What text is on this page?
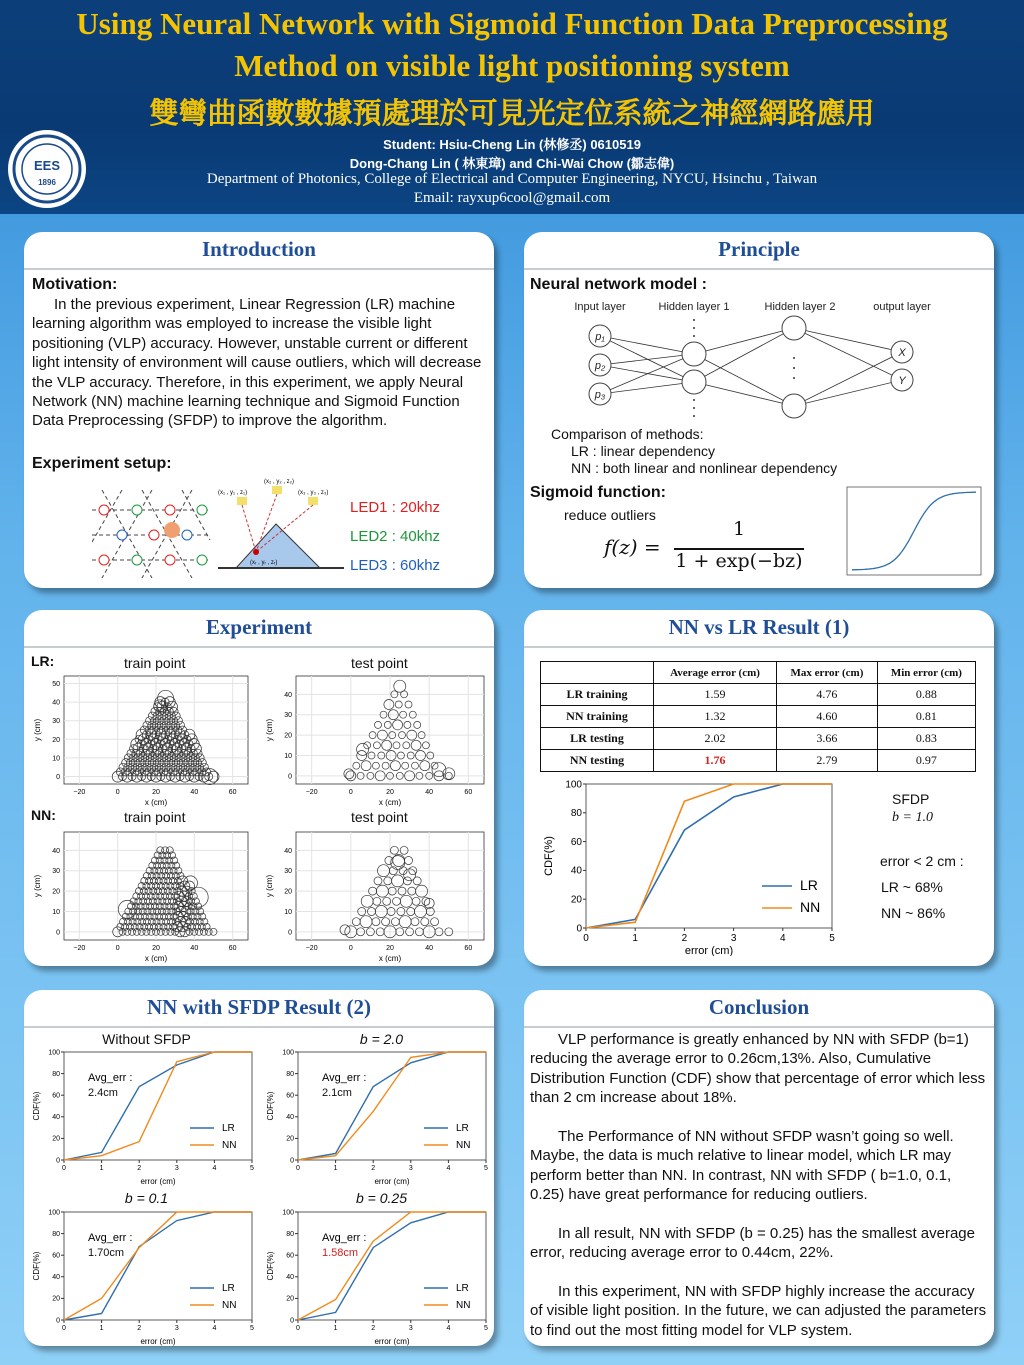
Using Neural Network with Sigmoid Function Data Preprocessing
Method on visible light positioning system
雙彎曲函數數據預處理於可見光定位系統之神經網路應用
Student: Hsiu-Cheng Lin (林修丞) 0610519
Dong-Chang Lin ( 林東璋) and Chi-Wai Chow (鄒志偉)
Department of Photonics, College of Electrical and Computer Engineering, NYCU, Hsinchu , Taiwan
Email: rayxup6cool@gmail.com
EES
1896
Introduction
Motivation:
In the previous experiment, Linear Regression (LR) machine learning algorithm was employed to increase the visible light positioning (VLP) accuracy. However, unstable current or different light intensity of environment will cause outliers, which will decrease the VLP accuracy. Therefore, in this experiment, we apply Neural Network (NN) machine learning technique and Sigmoid Function Data Preprocessing (SFDP) to improve the algorithm.
Experiment setup:
(x₁ , y₁ , z₁)
(x₂ , y₂ , z₂)
(x₃ , y₃ , z₃)
(xᵣ , yᵣ , zᵣ)
LED1 : 20khz
LED2 : 40khz
LED3 : 60khz
Principle
Neural network model :
Input layer	Hidden layer 1	Hidden layer 2	output layer
p₁
p₂
p₃
X
Y
Comparison of methods:
LR : linear dependency
NN : both linear and nonlinear dependency
Sigmoid function:
reduce outliers
f(z) =
1
1 + exp(−bz)
Experiment
LR:
NN:
train point	test point
train point	test point
−20	0	20	40	60
0
10
20
30
40
50
x (cm)
y (cm)
−20	0	20	40	60
0
10
20
30
40
x (cm)
y (cm)
−20	0	20	40	60
0
10
20
30
40
x (cm)
y (cm)
−20	0	20	40	60
0
10
20
30
40
x (cm)
y (cm)
NN vs LR Result (1)
	Average error (cm)	Max error (cm)	Min error (cm)
LR training	1.59	4.76	0.88
NN training	1.32	4.60	0.81
LR testing	2.02	3.66	0.83
NN testing	1.76	2.79	0.97
0
20
40
60
80
100
0	1	2	3	4	5
error (cm)
CDF(%)
LR
NN
SFDP
b = 1.0
error < 2 cm :
LR ~ 68%
NN ~ 86%
NN with SFDP Result (2)
Without SFDP	b = 2.0
b = 0.1	b = 0.25
0
20
40
60
80
100
0	1	2	3	4	5
error (cm)
CDF(%)
LR
NN
Avg_err :
2.4cm
0
20
40
60
80
100
0	1	2	3	4	5
error (cm)
CDF(%)
LR
NN
Avg_err :
2.1cm
0
20
40
60
80
100
0	1	2	3	4	5
error (cm)
CDF(%)
LR
NN
Avg_err :
1.70cm
0
20
40
60
80
100
0	1	2	3	4	5
error (cm)
CDF(%)
LR
NN
Avg_err :
1.58cm
Conclusion
VLP performance is greatly enhanced by NN with SFDP (b=1) reducing the average error to 0.26cm,13%. Also, Cumulative Distribution Function (CDF) show that percentage of error which less than 2 cm increase about 18%.
The Performance of NN without SFDP wasn’t going so well. Maybe, the data is much relative to linear model, which LR may perform better than NN. In contrast, NN with SFDP ( b=1.0, 0.1, 0.25) have great performance for reducing outliers.
In all result, NN with SFDP (b = 0.25) has the smallest average error, reducing average error to 0.44cm, 22%.
In this experiment, NN with SFDP highly increase the accuracy of visible light position. In the future, we can adjusted the parameters to find out the most fitting model for VLP system.
